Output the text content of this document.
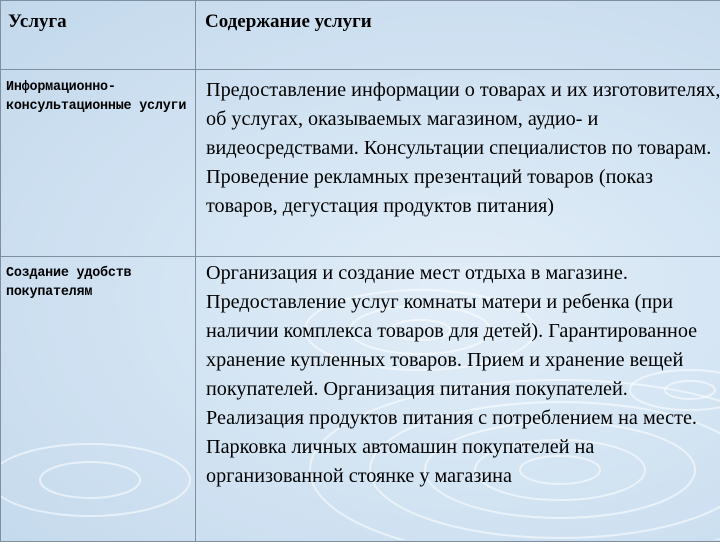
Услуга	Содержание услуги

Информационно-консультационные услуги	Предоставление информации о товарах и их изготовителях, об услугах, оказываемых магазином, аудио- и видеосредствами. Консультации специалистов по товарам. Проведение рекламных презентаций товаров (показ товаров, дегустация продуктов питания)

Создание удобств покупателям	Организация и создание мест отдыха в магазине. Предоставление услуг комнаты матери и ребенка (при наличии комплекса товаров для детей). Гарантированное хранение купленных товаров. Прием и хранение вещей покупателей. Организация питания покупателей. Реализация продуктов питания с потреблением на месте. Парковка личных автомашин покупателей на организованной стоянке у магазина
